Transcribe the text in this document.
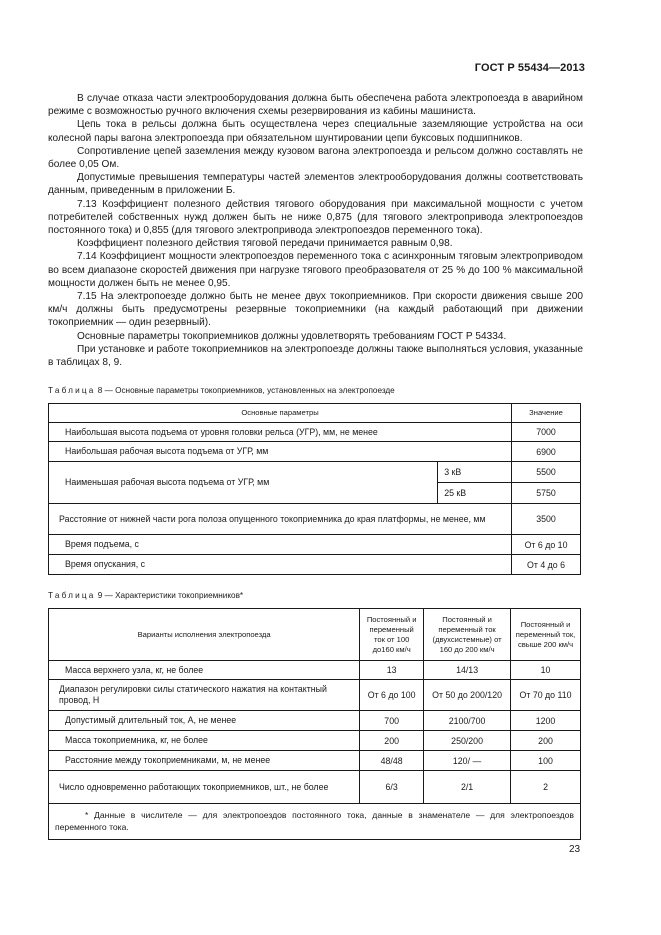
ГОСТ Р 55434—2013

В случае отказа части электрооборудования должна быть обеспечена работа электропоезда в аварийном режиме с возможностью ручного включения схемы резервирования из кабины машиниста.

Цепь тока в рельсы должна быть осуществлена через специальные заземляющие устройства на оси колесной пары вагона электропоезда при обязательном шунтировании цепи буксовых подшипников.

Сопротивление цепей заземления между кузовом вагона электропоезда и рельсом должно составлять не более 0,05 Ом.

Допустимые превышения температуры частей элементов электрооборудования должны соответствовать данным, приведенным в приложении Б.

7.13 Коэффициент полезного действия тягового оборудования при максимальной мощности с учетом потребителей собственных нужд должен быть не ниже 0,875 (для тягового электропривода электропоездов постоянного тока) и 0,855 (для тягового электропривода электропоездов переменного тока).

Коэффициент полезного действия тяговой передачи принимается равным 0,98.

7.14 Коэффициент мощности электропоездов переменного тока с асинхронным тяговым электроприводом во всем диапазоне скоростей движения при нагрузке тягового преобразователя от 25 % до 100 % максимальной мощности должен быть не менее 0,95.

7.15 На электропоезде должно быть не менее двух токоприемников. При скорости движения свыше 200 км/ч должны быть предусмотрены резервные токоприемники (на каждый работающий при движении токоприемник — один резервный).

Основные параметры токоприемников должны удовлетворять требованиям ГОСТ Р 54334.

При установке и работе токоприемников на электропоезде должны также выполняться условия, указанные в таблицах 8, 9.

Таблица 8 — Основные параметры токоприемников, установленных на электропоезде
Основные параметры		Значение
Наибольшая высота подъема от уровня головки рельса (УГР), мм, не менее		7000
Наибольшая рабочая высота подъема от УГР, мм		6900
Наименьшая рабочая высота подъема от УГР, мм	3 кВ	5500
	25 кВ	5750
Расстояние от нижней части рога полоза опущенного токоприемника до края платформы, не менее, мм		3500
Время подъема, с		От 6 до 10
Время опускания, с		От 4 до 6
Таблица 9 — Характеристики токоприемников*
Варианты исполнения электропоезда	Постоянный и переменный ток от 100 до160 км/ч	Постоянный и переменный ток (двухсистемные) от 160 до 200 км/ч	Постоянный и переменный ток, свыше 200 км/ч
Масса верхнего узла, кг, не более	13	14/13	10
Диапазон регулировки силы статического нажатия на контактный провод, Н	От 6 до 100	От 50 до 200/120	От 70 до 110
Допустимый длительный ток, А, не менее	700	2100/700	1200
Масса токоприемника, кг, не более	200	250/200	200
Расстояние между токоприемниками, м, не менее	48/48	120/ —	100
Число одновременно работающих токоприемников, шт., не более	6/3	2/1	2

* Данные в числителе — для электропоездов постоянного тока, данные в знаменателе — для электропоездов переменного тока.			
23
